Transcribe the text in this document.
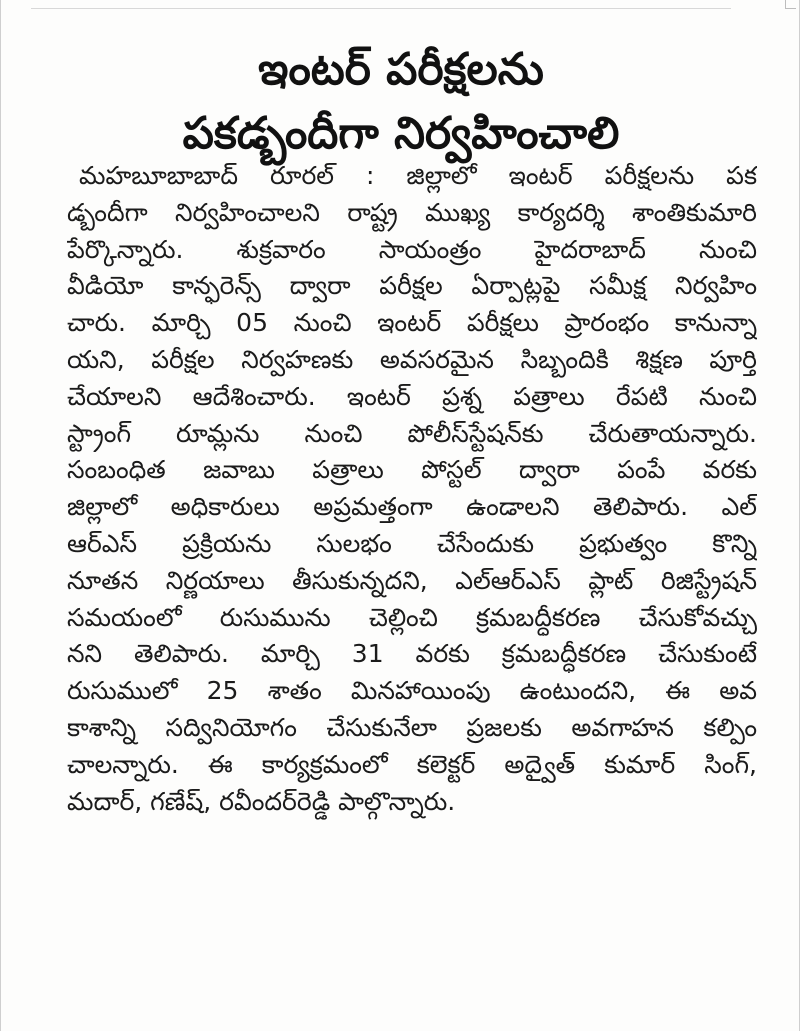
ఇంటర్ పరీక్షలను
పకడ్బందీగా నిర్వహించాలి
మహబూబాబాద్ రూరల్ : జిల్లాలో ఇంటర్ పరీక్షలను పక
డ్బందీగా నిర్వహించాలని రాష్ట్ర ముఖ్య కార్యదర్శి శాంతికుమారి
పేర్కొన్నారు. శుక్రవారం సాయంత్రం హైదరాబాద్ నుంచి
వీడియో కాన్ఫరెన్స్ ద్వారా పరీక్షల ఏర్పాట్లపై సమీక్ష నిర్వహిం
చారు. మార్చి 05 నుంచి ఇంటర్ పరీక్షలు ప్రారంభం కానున్నా
యని, పరీక్షల నిర్వహణకు అవసరమైన సిబ్బందికి శిక్షణ పూర్తి
చేయాలని ఆదేశించారు. ఇంటర్ ప్రశ్న పత్రాలు రేపటి నుంచి
స్ట్రాంగ్ రూమ్లను నుంచి పోలీస్‌స్టేషన్‌కు చేరుతాయన్నారు.
సంబంధిత జవాబు పత్రాలు పోస్టల్ ద్వారా పంపే వరకు
జిల్లాలో అధికారులు అప్రమత్తంగా ఉండాలని తెలిపారు. ఎల్
ఆర్ఎస్ ప్రక్రియను సులభం చేసేందుకు ప్రభుత్వం కొన్ని
నూతన నిర్ణయాలు తీసుకున్నదని, ఎల్‌ఆర్‌ఎస్ ప్లాట్ రిజిస్ట్రేషన్
సమయంలో రుసుమును చెల్లించి క్రమబద్ధీకరణ చేసుకోవచ్చు
నని తెలిపారు. మార్చి 31 వరకు క్రమబద్ధీకరణ చేసుకుంటే
రుసుములో 25 శాతం మినహాయింపు ఉంటుందని, ఈ అవ
కాశాన్ని సద్వినియోగం చేసుకునేలా ప్రజలకు అవగాహన కల్పిం
చాలన్నారు. ఈ కార్యక్రమంలో కలెక్టర్ అద్వైత్ కుమార్ సింగ్,
మదార్, గణేష్, రవీందర్‌రెడ్డి పాల్గొన్నారు.
